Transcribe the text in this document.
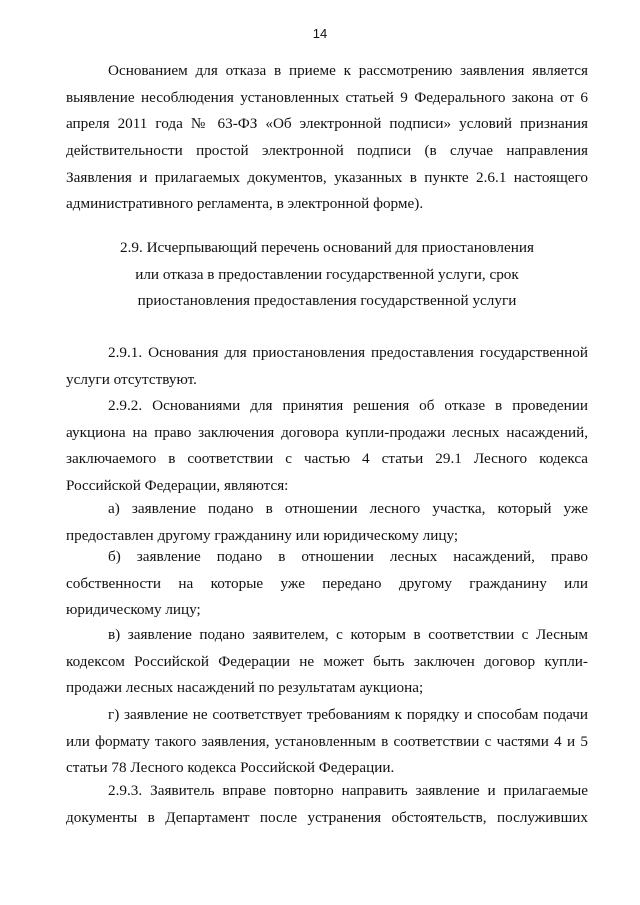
14
Основанием для отказа в приеме к рассмотрению заявления является
выявление несоблюдения установленных статьей 9 Федерального закона от 6
апреля 2011 года № 63-ФЗ «Об электронной подписи» условий признания
действительности простой электронной подписи (в случае направления
Заявления и прилагаемых документов, указанных в пункте 2.6.1 настоящего
административного регламента, в электронной форме).
2.9. Исчерпывающий перечень оснований для приостановления
или отказа в предоставлении государственной услуги, срок
приостановления предоставления государственной услуги
2.9.1. Основания для приостановления предоставления государственной
услуги отсутствуют.
2.9.2. Основаниями для принятия решения об отказе в проведении
аукциона на право заключения договора купли-продажи лесных насаждений,
заключаемого в соответствии с частью 4 статьи 29.1 Лесного кодекса
Российской Федерации, являются:
а) заявление подано в отношении лесного участка, который уже
предоставлен другому гражданину или юридическому лицу;
б) заявление подано в отношении лесных насаждений, право
собственности на которые уже передано другому гражданину или
юридическому лицу;
в) заявление подано заявителем, с которым в соответствии с Лесным
кодексом Российской Федерации не может быть заключен договор купли-
продажи лесных насаждений по результатам аукциона;
г) заявление не соответствует требованиям к порядку и способам подачи
или формату такого заявления, установленным в соответствии с частями 4 и 5
статьи 78 Лесного кодекса Российской Федерации.
2.9.3. Заявитель вправе повторно направить заявление и прилагаемые
документы в Департамент после устранения обстоятельств, послуживших
